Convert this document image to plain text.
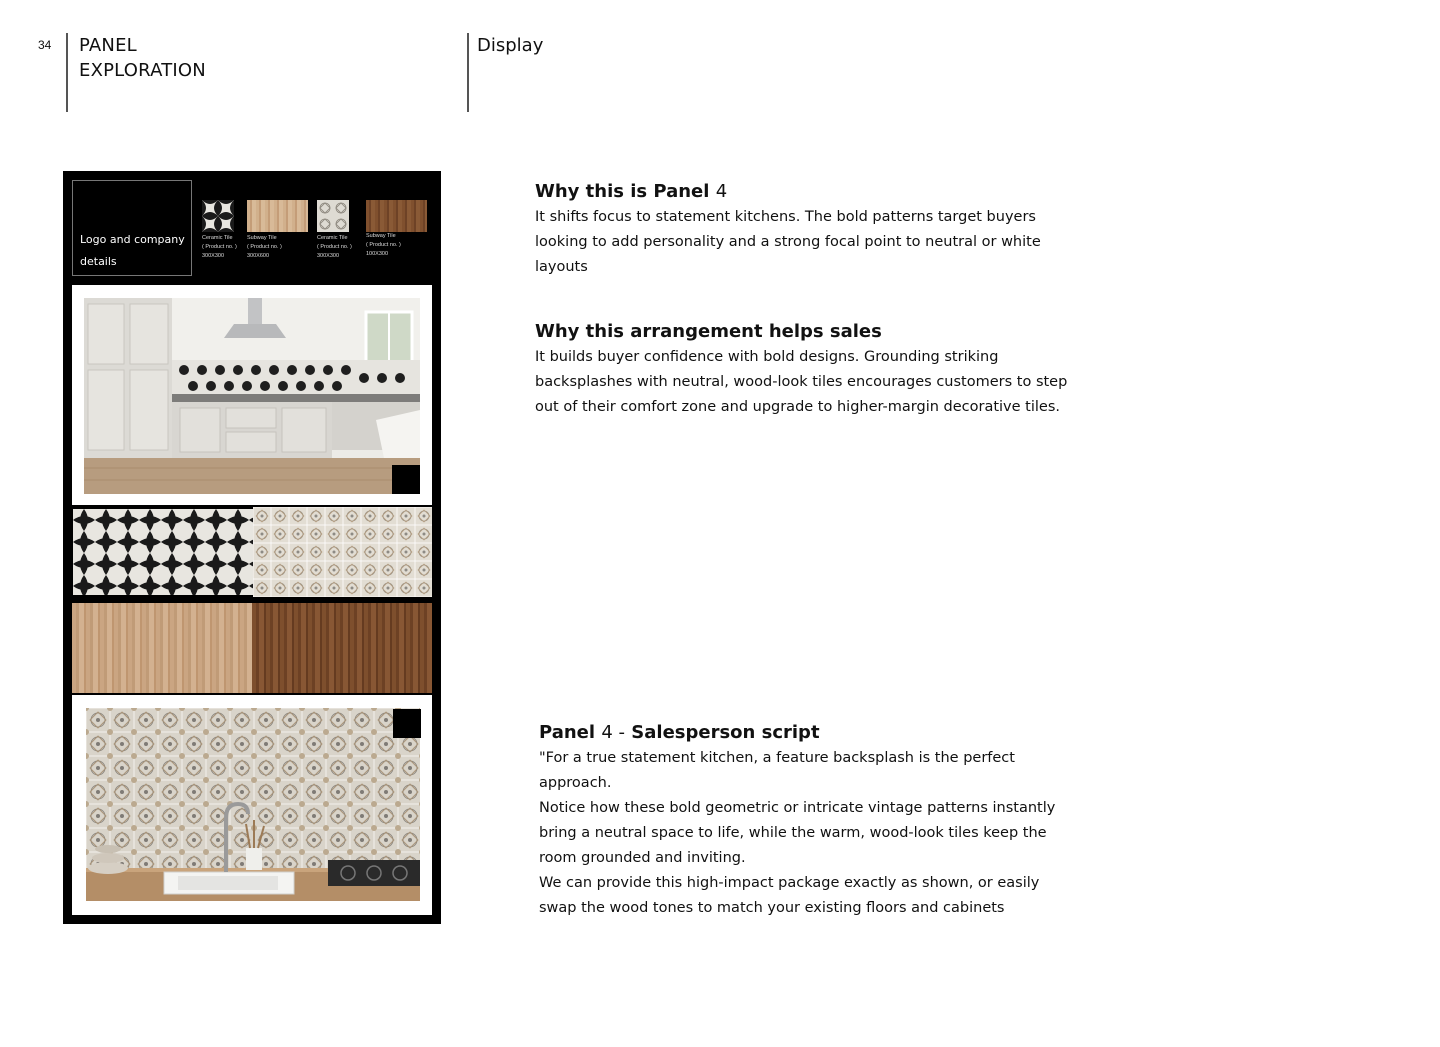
34 PANEL
EXPLORATION
Display
Logo and company details
Ceramic Tile
( Product no. )
300X300
Subway Tile
( Product no. )
300X600
Ceramic Tile
( Product no. )
300X300
Subway Tile
( Product no. )
100X300
Why this is Panel 4

It shifts focus to statement kitchens. The bold patterns target buyers
looking to add personality and a strong focal point to neutral or white
layouts

Why this arrangement helps sales

It builds buyer confidence with bold designs. Grounding striking
backsplashes with neutral, wood-look tiles encourages customers to step
out of their comfort zone and upgrade to higher-margin decorative tiles.

Panel 4 - Salesperson script

"For a true statement kitchen, a feature backsplash is the perfect
approach.
Notice how these bold geometric or intricate vintage patterns instantly
bring a neutral space to life, while the warm, wood-look tiles keep the
room grounded and inviting.
We can provide this high-impact package exactly as shown, or easily
swap the wood tones to match your existing floors and cabinets
